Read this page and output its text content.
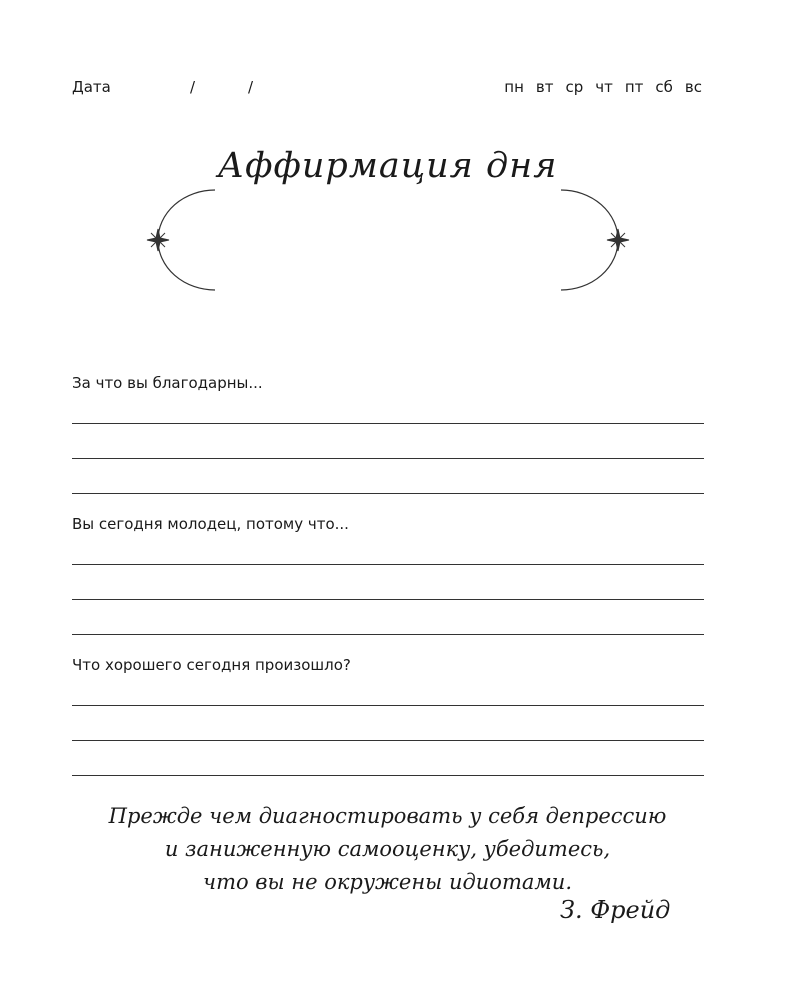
Дата	/	/	пн вт ср чт пт сб вс
Аффирмация дня
За что вы благодарны...
Вы сегодня молодец, потому что...
Что хорошего сегодня произошло?
Прежде чем диагностировать у себя депрессию
и заниженную самооценку, убедитесь,
что вы не окружены идиотами.
З. Фрейд
